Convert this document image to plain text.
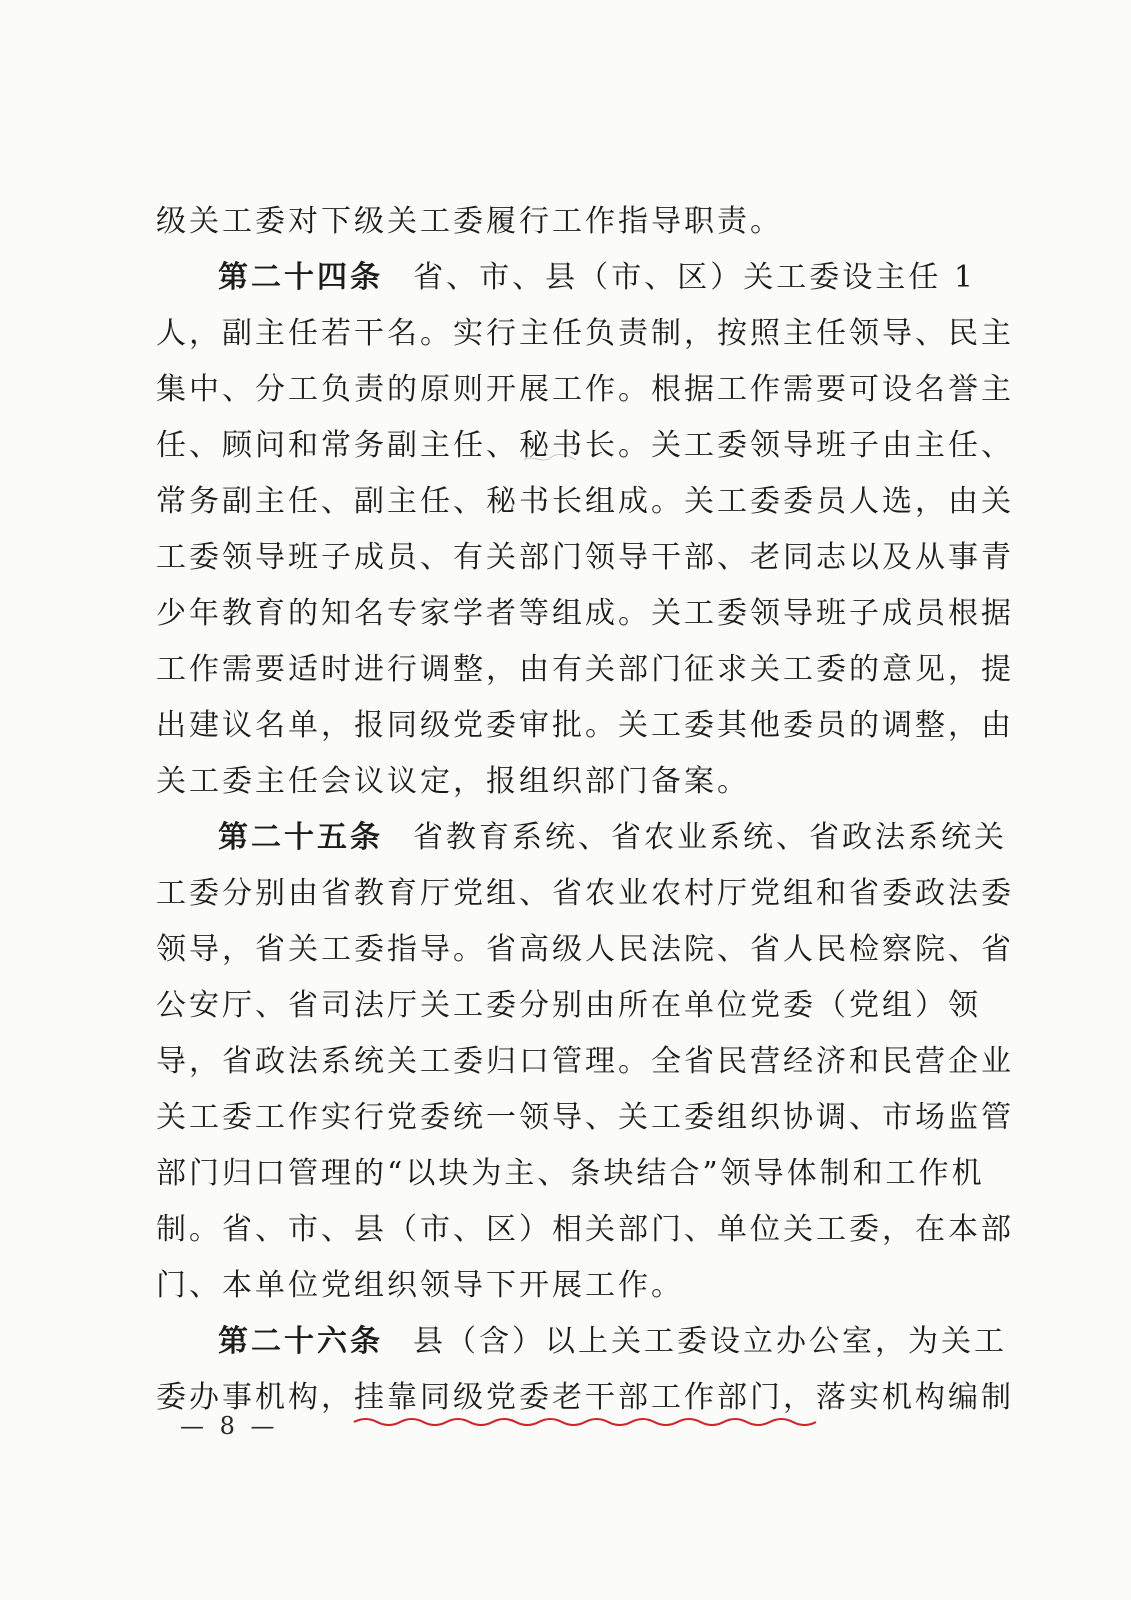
级关工委对下级关工委履行工作指导职责。
第二十四条 省、市、县（市、区）关工委设主任 1
人，副主任若干名。实行主任负责制，按照主任领导、民主
集中、分工负责的原则开展工作。根据工作需要可设名誉主
任、顾问和常务副主任、秘书长。关工委领导班子由主任、
常务副主任、副主任、秘书长组成。关工委委员人选，由关
工委领导班子成员、有关部门领导干部、老同志以及从事青
少年教育的知名专家学者等组成。关工委领导班子成员根据
工作需要适时进行调整，由有关部门征求关工委的意见，提
出建议名单，报同级党委审批。关工委其他委员的调整，由
关工委主任会议议定，报组织部门备案。
第二十五条 省教育系统、省农业系统、省政法系统关
工委分别由省教育厅党组、省农业农村厅党组和省委政法委
领导，省关工委指导。省高级人民法院、省人民检察院、省
公安厅、省司法厅关工委分别由所在单位党委（党组）领
导，省政法系统关工委归口管理。全省民营经济和民营企业
关工委工作实行党委统一领导、关工委组织协调、市场监管
部门归口管理的“以块为主、条块结合”领导体制和工作机
制。省、市、县（市、区）相关部门、单位关工委，在本部
门、本单位党组织领导下开展工作。
第二十六条 县（含）以上关工委设立办公室，为关工
委办事机构，挂靠同级党委老干部工作部门，
落实机构编制
— 8 —
